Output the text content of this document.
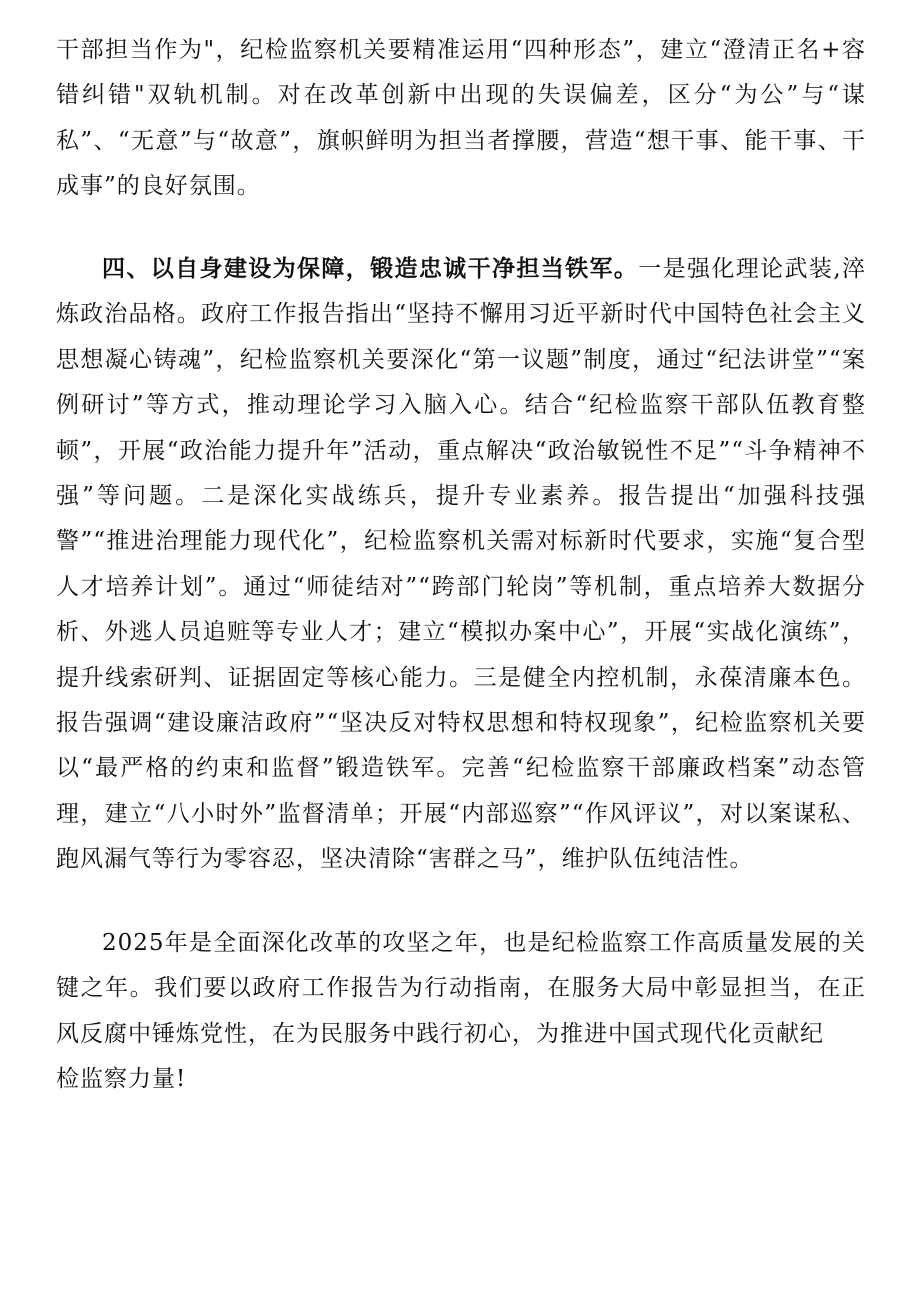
干部担当作为"，纪检监察机关要精准运用“四种形态”，建立“澄清正名+容错纠错"双轨机制。对在改革创新中出现的失误偏差，区分“为公”与“谋私”、“无意”与“故意”，旗帜鲜明为担当者撑腰，营造“想干事、能干事、干成事”的良好氛围。

四、以自身建设为保障，锻造忠诚干净担当铁军。一是强化理论武装,淬炼政治品格。政府工作报告指出“坚持不懈用习近平新时代中国特色社会主义思想凝心铸魂”，纪检监察机关要深化“第一议题”制度，通过“纪法讲堂”“案例研讨”等方式，推动理论学习入脑入心。结合“纪检监察干部队伍教育整顿”，开展“政治能力提升年”活动，重点解决“政治敏锐性不足”“斗争精神不强”等问题。二是深化实战练兵，提升专业素养。报告提出“加强科技强警”“推进治理能力现代化”，纪检监察机关需对标新时代要求，实施“复合型人才培养计划”。通过“师徒结对”“跨部门轮岗”等机制，重点培养大数据分析、外逃人员追赃等专业人才；建立“模拟办案中心”，开展“实战化演练”，提升线索研判、证据固定等核心能力。三是健全内控机制，永葆清廉本色。报告强调“建设廉洁政府”“坚决反对特权思想和特权现象”，纪检监察机关要以“最严格的约束和监督”锻造铁军。完善“纪检监察干部廉政档案”动态管理，建立“八小时外”监督清单；开展“内部巡察”“作风评议”，对以案谋私、跑风漏气等行为零容忍，坚决清除“害群之马”，维护队伍纯洁性。

2025年是全面深化改革的攻坚之年，也是纪检监察工作高质量发展的关键之年。我们要以政府工作报告为行动指南，在服务大局中彰显担当，在正风反腐中锤炼党性，在为民服务中践行初心，为推进中国式现代化贡献纪
检监察力量!
